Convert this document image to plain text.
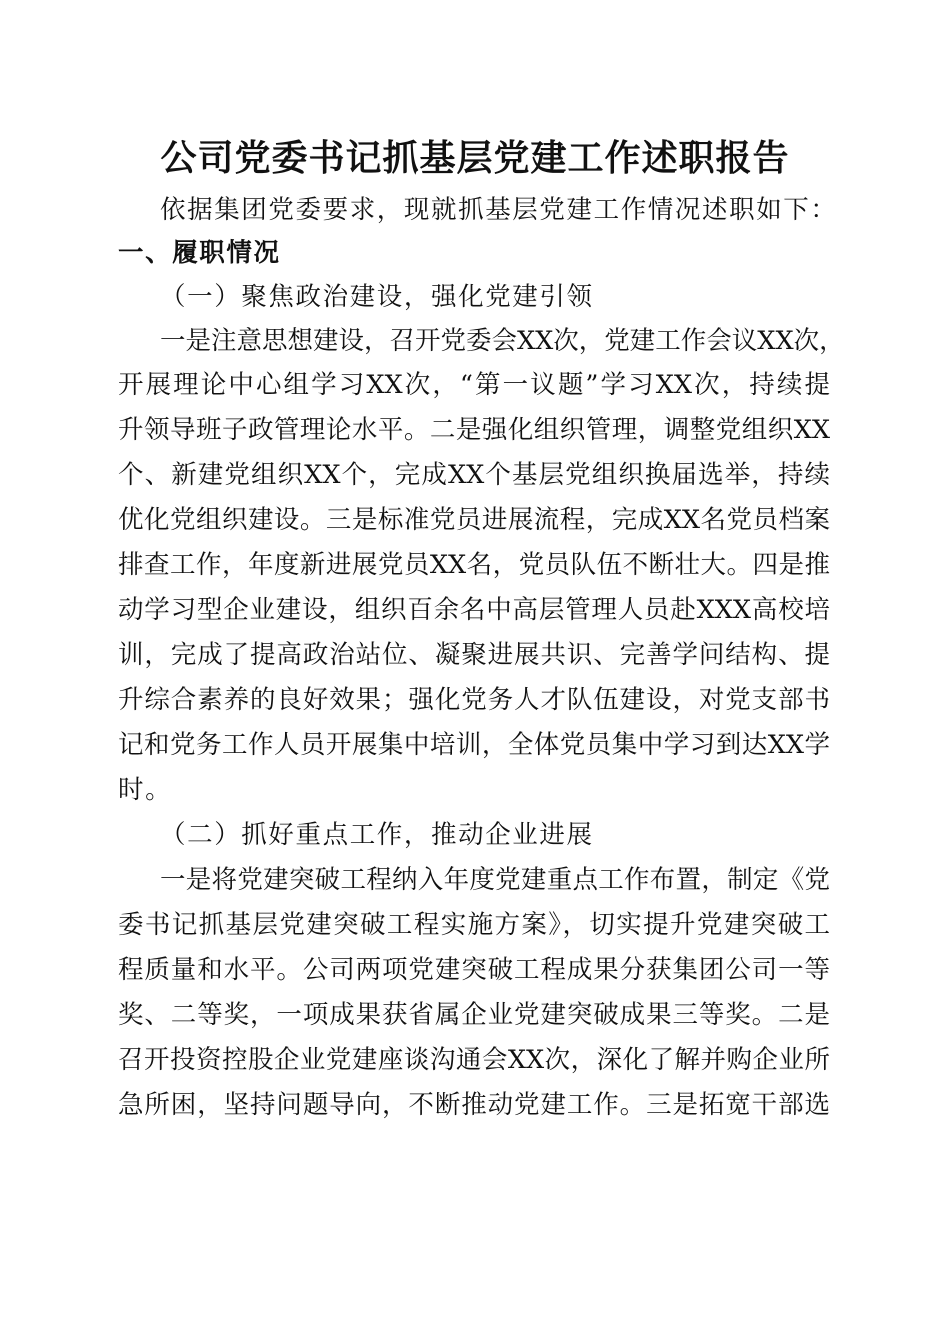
公司党委书记抓基层党建工作述职报告
依据集团党委要求，现就抓基层党建工作情况述职如下：
一、履职情况
（一）聚焦政治建设，强化党建引领
一是注意思想建设，召开党委会XX次，党建工作会议XX次，
开展理论中心组学习XX次，“第一议题”学习XX次，持续提
升领导班子政管理论水平。二是强化组织管理，调整党组织XX
个、新建党组织XX个，完成XX个基层党组织换届选举，持续
优化党组织建设。三是标准党员进展流程，完成XX名党员档案
排查工作，年度新进展党员XX名，党员队伍不断壮大。四是推
动学习型企业建设，组织百余名中高层管理人员赴XXX高校培
训，完成了提高政治站位、凝聚进展共识、完善学问结构、提
升综合素养的良好效果；强化党务人才队伍建设，对党支部书
记和党务工作人员开展集中培训，全体党员集中学习到达XX学
时。
（二）抓好重点工作，推动企业进展
一是将党建突破工程纳入年度党建重点工作布置，制定《党
委书记抓基层党建突破工程实施方案》，切实提升党建突破工
程质量和水平。公司两项党建突破工程成果分获集团公司一等
奖、二等奖，一项成果获省属企业党建突破成果三等奖。二是
召开投资控股企业党建座谈沟通会XX次，深化了解并购企业所
急所困，坚持问题导向，不断推动党建工作。三是拓宽干部选
